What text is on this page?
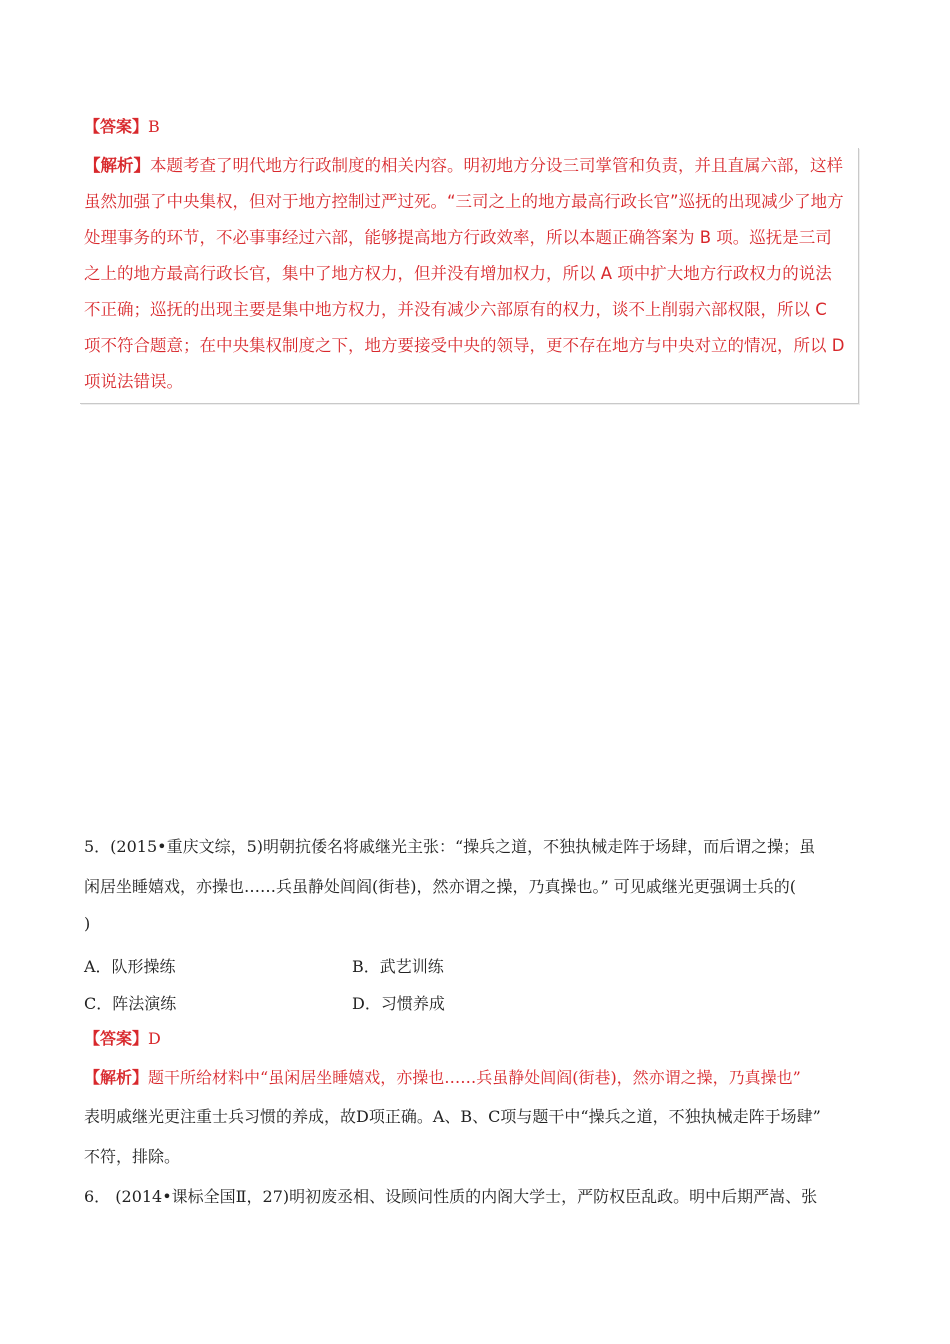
【答案】B

【解析】本题考查了明代地方行政制度的相关内容。明初地方分设三司掌管和负责，并且直属六部，这样

虽然加强了中央集权，但对于地方控制过严过死。“三司之上的地方最高行政长官”巡抚的出现减少了地方

处理事务的环节，不必事事经过六部，能够提高地方行政效率，所以本题正确答案为 B 项。巡抚是三司

之上的地方最高行政长官，集中了地方权力，但并没有增加权力，所以 A 项中扩大地方行政权力的说法

不正确；巡抚的出现主要是集中地方权力，并没有减少六部原有的权力，谈不上削弱六部权限，所以 C

项不符合题意；在中央集权制度之下，地方要接受中央的领导，更不存在地方与中央对立的情况，所以 D

项说法错误。

5．(2015•重庆文综，5)明朝抗倭名将戚继光主张：“操兵之道，不独执械走阵于场肆，而后谓之操；虽
闲居坐睡嬉戏，亦操也……兵虽静处闾阎(街巷)，然亦谓之操，乃真操也。” 可见戚继光更强调士兵的(
)
A．队形操练	B．武艺训练
C．阵法演练	D．习惯养成
【答案】D
【解析】题干所给材料中“虽闲居坐睡嬉戏，亦操也……兵虽静处闾阎(街巷)，然亦谓之操，乃真操也”
表明戚继光更注重士兵习惯的养成，故D项正确。A、B、C项与题干中“操兵之道，不独执械走阵于场肆”
不符，排除。
6． (2014•课标全国Ⅱ，27)明初废丞相、设顾问性质的内阁大学士，严防权臣乱政。明中后期严嵩、张
